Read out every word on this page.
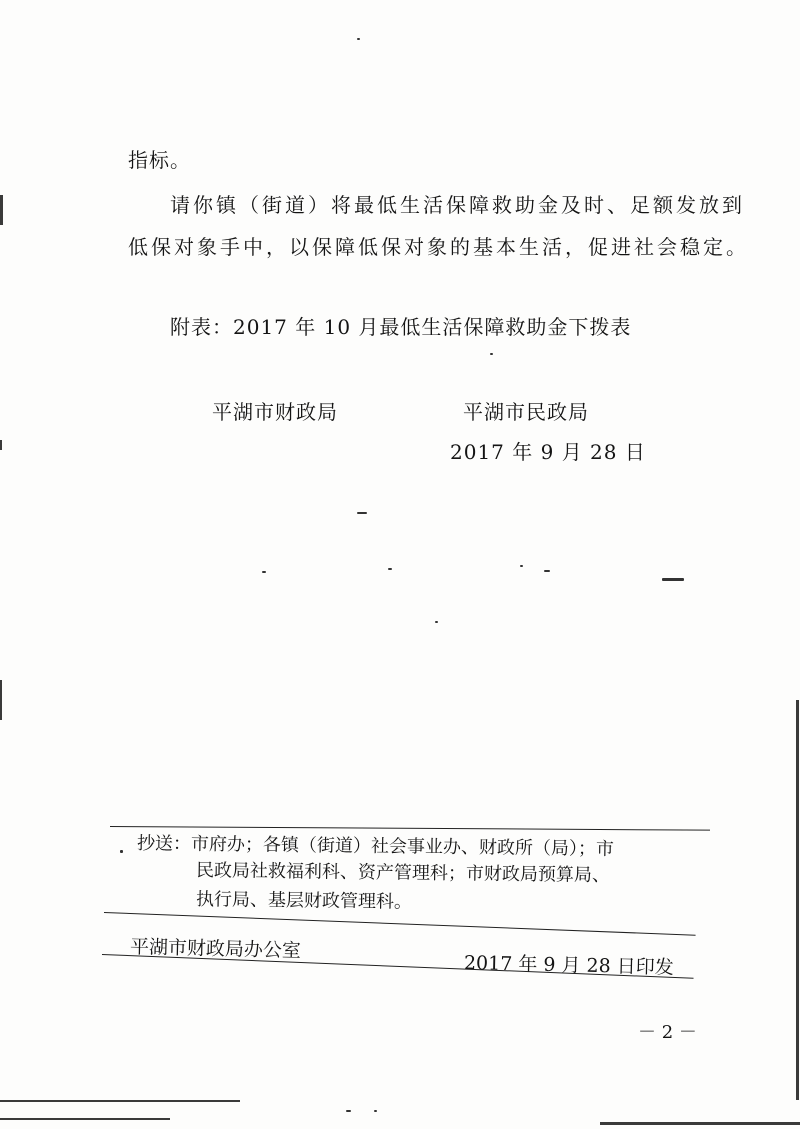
指标。
请你镇（街道）将最低生活保障救助金及时、足额发放到
低保对象手中，以保障低保对象的基本生活，促进社会稳定。
附表：2017 年 10 月最低生活保障救助金下拨表
平湖市财政局	平湖市民政局
2017 年 9 月 28 日
抄送：市府办；各镇（街道）社会事业办、财政所（局）；市
民政局社救福利科、资产管理科；市财政局预算局、
执行局、基层财政管理科。
平湖市财政局办公室
2017 年 9 月 28 日印发
－ 2 －
